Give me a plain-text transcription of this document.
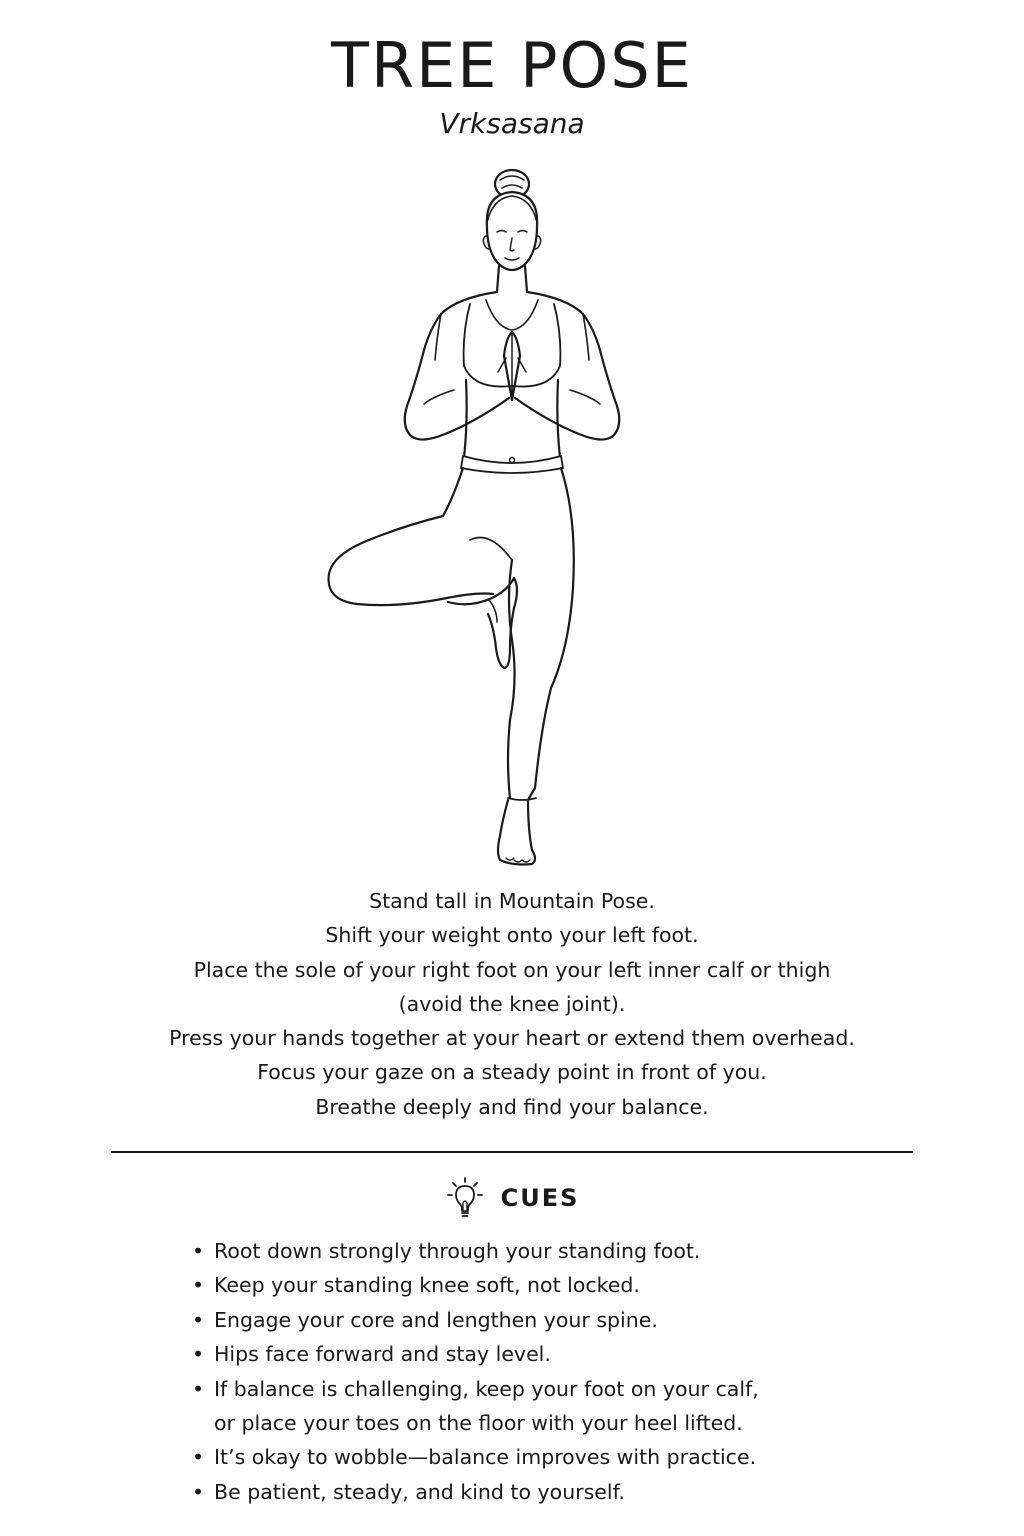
TREE POSE
Vrksasana
Stand tall in Mountain Pose.
Shift your weight onto your left foot.
Place the sole of your right foot on your left inner calf or thigh
(avoid the knee joint).
Press your hands together at your heart or extend them overhead.
Focus your gaze on a steady point in front of you.
Breathe deeply and find your balance.
CUES
• Root down strongly through your standing foot.
• Keep your standing knee soft, not locked.
• Engage your core and lengthen your spine.
• Hips face forward and stay level.
• If balance is challenging, keep your foot on your calf,
or place your toes on the floor with your heel lifted.
• It’s okay to wobble—balance improves with practice.
• Be patient, steady, and kind to yourself.
